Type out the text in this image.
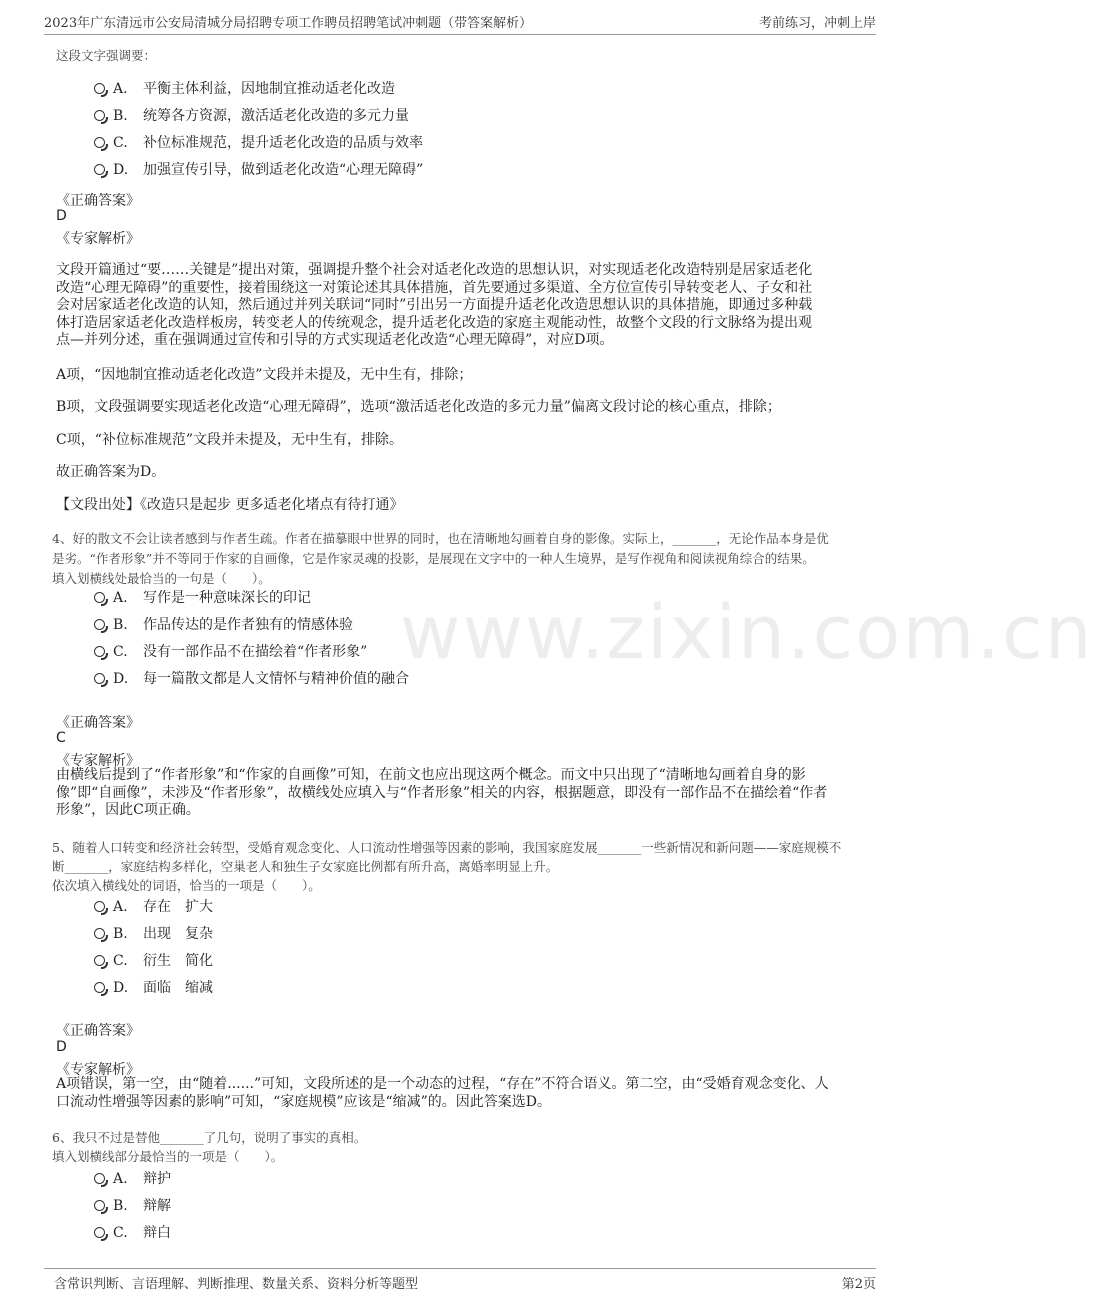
2023年广东清远市公安局清城分局招聘专项工作聘员招聘笔试冲刺题（带答案解析）	考前练习，冲刺上岸
www.zixin.com.cn
这段文字强调要：
A. 平衡主体利益，因地制宜推动适老化改造
B. 统筹各方资源，激活适老化改造的多元力量
C. 补位标准规范，提升适老化改造的品质与效率
D. 加强宣传引导，做到适老化改造“心理无障碍”
《正确答案》
D
《专家解析》
文段开篇通过“要……关键是”提出对策，强调提升整个社会对适老化改造的思想认识，对实现适老化改造特别是居家适老化
改造“心理无障碍”的重要性，接着围绕这一对策论述其具体措施，首先要通过多渠道、全方位宣传引导转变老人、子女和社
会对居家适老化改造的认知，然后通过并列关联词“同时”引出另一方面提升适老化改造思想认识的具体措施，即通过多种载
体打造居家适老化改造样板房，转变老人的传统观念，提升适老化改造的家庭主观能动性，故整个文段的行文脉络为提出观
点—并列分述，重在强调通过宣传和引导的方式实现适老化改造“心理无障碍”，对应D项。
A项，“因地制宜推动适老化改造”文段并未提及，无中生有，排除；
B项，文段强调要实现适老化改造“心理无障碍”，选项“激活适老化改造的多元力量”偏离文段讨论的核心重点，排除；
C项，“补位标准规范”文段并未提及，无中生有，排除。
故正确答案为D。
【文段出处】《改造只是起步 更多适老化堵点有待打通》
4、好的散文不会让读者感到与作者生疏。作者在描摹眼中世界的同时，也在清晰地勾画着自身的影像。实际上，_______，无论作品本身是优
是劣。“作者形象”并不等同于作家的自画像，它是作家灵魂的投影，是展现在文字中的一种人生境界，是写作视角和阅读视角综合的结果。
填入划横线处最恰当的一句是（　　）。
A. 写作是一种意味深长的印记
B. 作品传达的是作者独有的情感体验
C. 没有一部作品不在描绘着“作者形象”
D. 每一篇散文都是人文情怀与精神价值的融合
《正确答案》
C
《专家解析》
由横线后提到了“作者形象”和“作家的自画像”可知，在前文也应出现这两个概念。而文中只出现了“清晰地勾画着自身的影
像”即“自画像”，未涉及“作者形象”，故横线处应填入与“作者形象”相关的内容，根据题意，即没有一部作品不在描绘着“作者
形象”，因此C项正确。
5、随着人口转变和经济社会转型，受婚育观念变化、人口流动性增强等因素的影响，我国家庭发展_______一些新情况和新问题——家庭规模不
断_______，家庭结构多样化，空巢老人和独生子女家庭比例都有所升高，离婚率明显上升。
依次填入横线处的词语，恰当的一项是（　　）。
A. 存在　扩大
B. 出现　复杂
C. 衍生　简化
D. 面临　缩减
《正确答案》
D
《专家解析》
A项错误，第一空，由“随着......”可知，文段所述的是一个动态的过程，“存在”不符合语义。第二空，由“受婚育观念变化、人
口流动性增强等因素的影响”可知，“家庭规模”应该是“缩减”的。因此答案选D。
6、我只不过是替他_______了几句，说明了事实的真相。
填入划横线部分最恰当的一项是（　　）。
A. 辩护
B. 辩解
C. 辩白
含常识判断、言语理解、判断推理、数量关系、资料分析等题型	第2页
